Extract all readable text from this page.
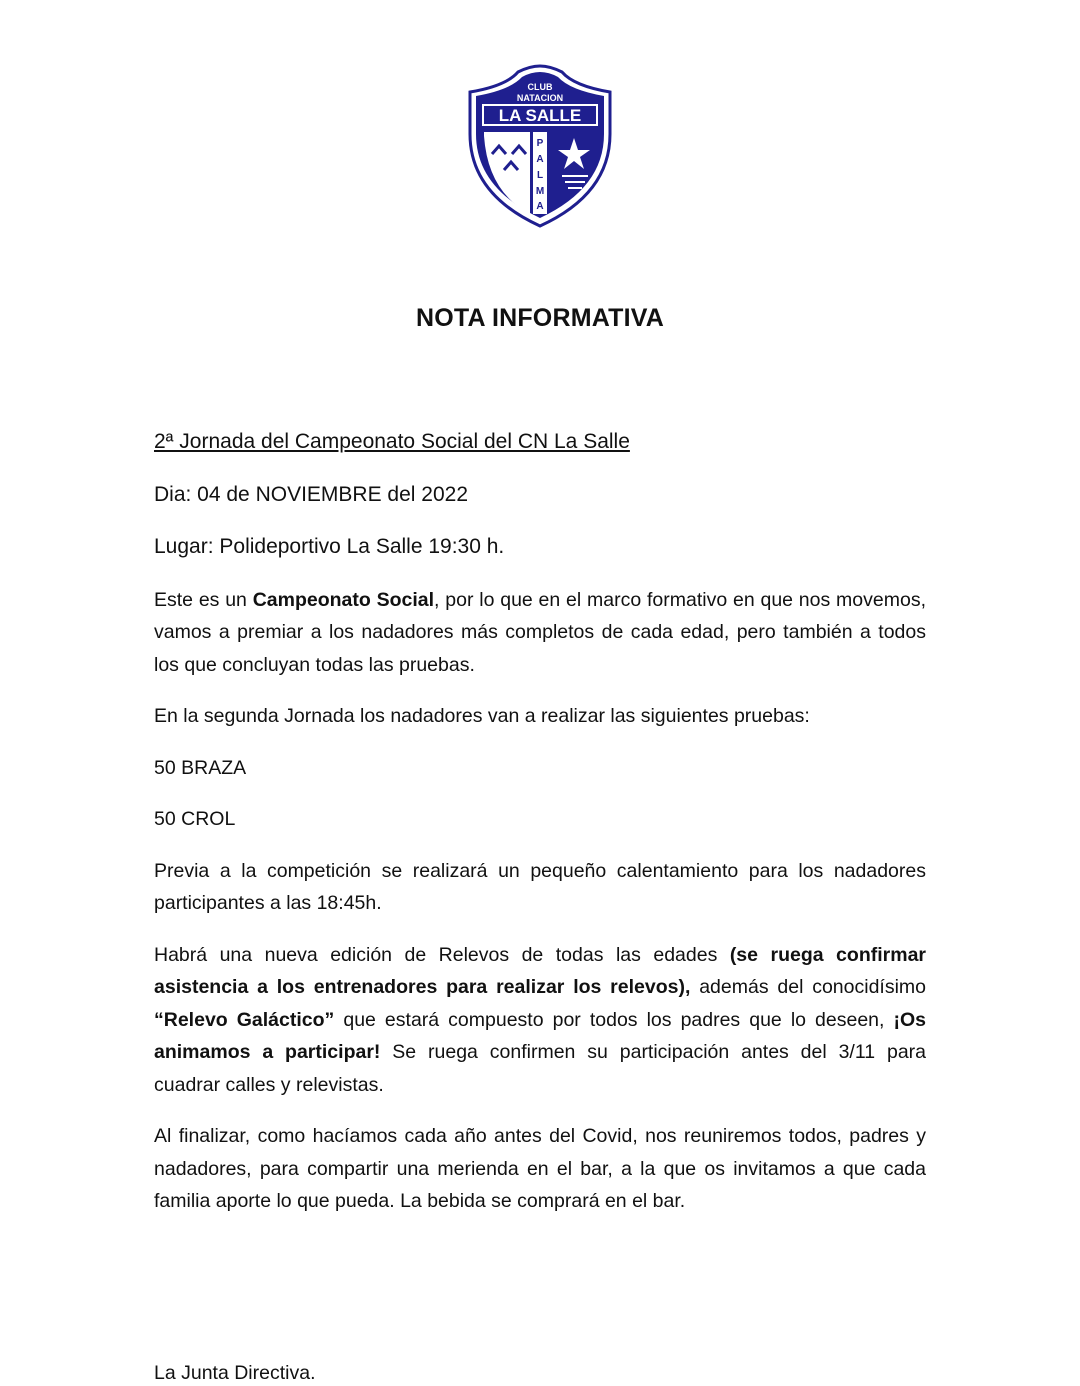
CLUB
NATACION
LA SALLE
P
A
L
M
A
NOTA INFORMATIVA

2ª Jornada del Campeonato Social del CN La Salle

Dia: 04 de NOVIEMBRE del 2022

Lugar: Polideportivo La Salle 19:30 h.

Este es un Campeonato Social, por lo que en el marco formativo en que nos movemos, vamos a premiar a los nadadores más completos de cada edad, pero también a todos los que concluyan todas las pruebas.

En la segunda Jornada los nadadores van a realizar las siguientes pruebas:

50 BRAZA

50 CROL

Previa a la competición se realizará un pequeño calentamiento para los nadadores participantes a las 18:45h.

Habrá una nueva edición de Relevos de todas las edades (se ruega confirmar asistencia a los entrenadores para realizar los relevos), además del conocidísimo “Relevo Galáctico” que estará compuesto por todos los padres que lo deseen, ¡Os animamos a participar! Se ruega confirmen su participación antes del 3/11 para cuadrar calles y relevistas.

Al finalizar, como hacíamos cada año antes del Covid, nos reuniremos todos, padres y nadadores, para compartir una merienda en el bar, a la que os invitamos a que cada familia aporte lo que pueda. La bebida se comprará en el bar.

La Junta Directiva.
